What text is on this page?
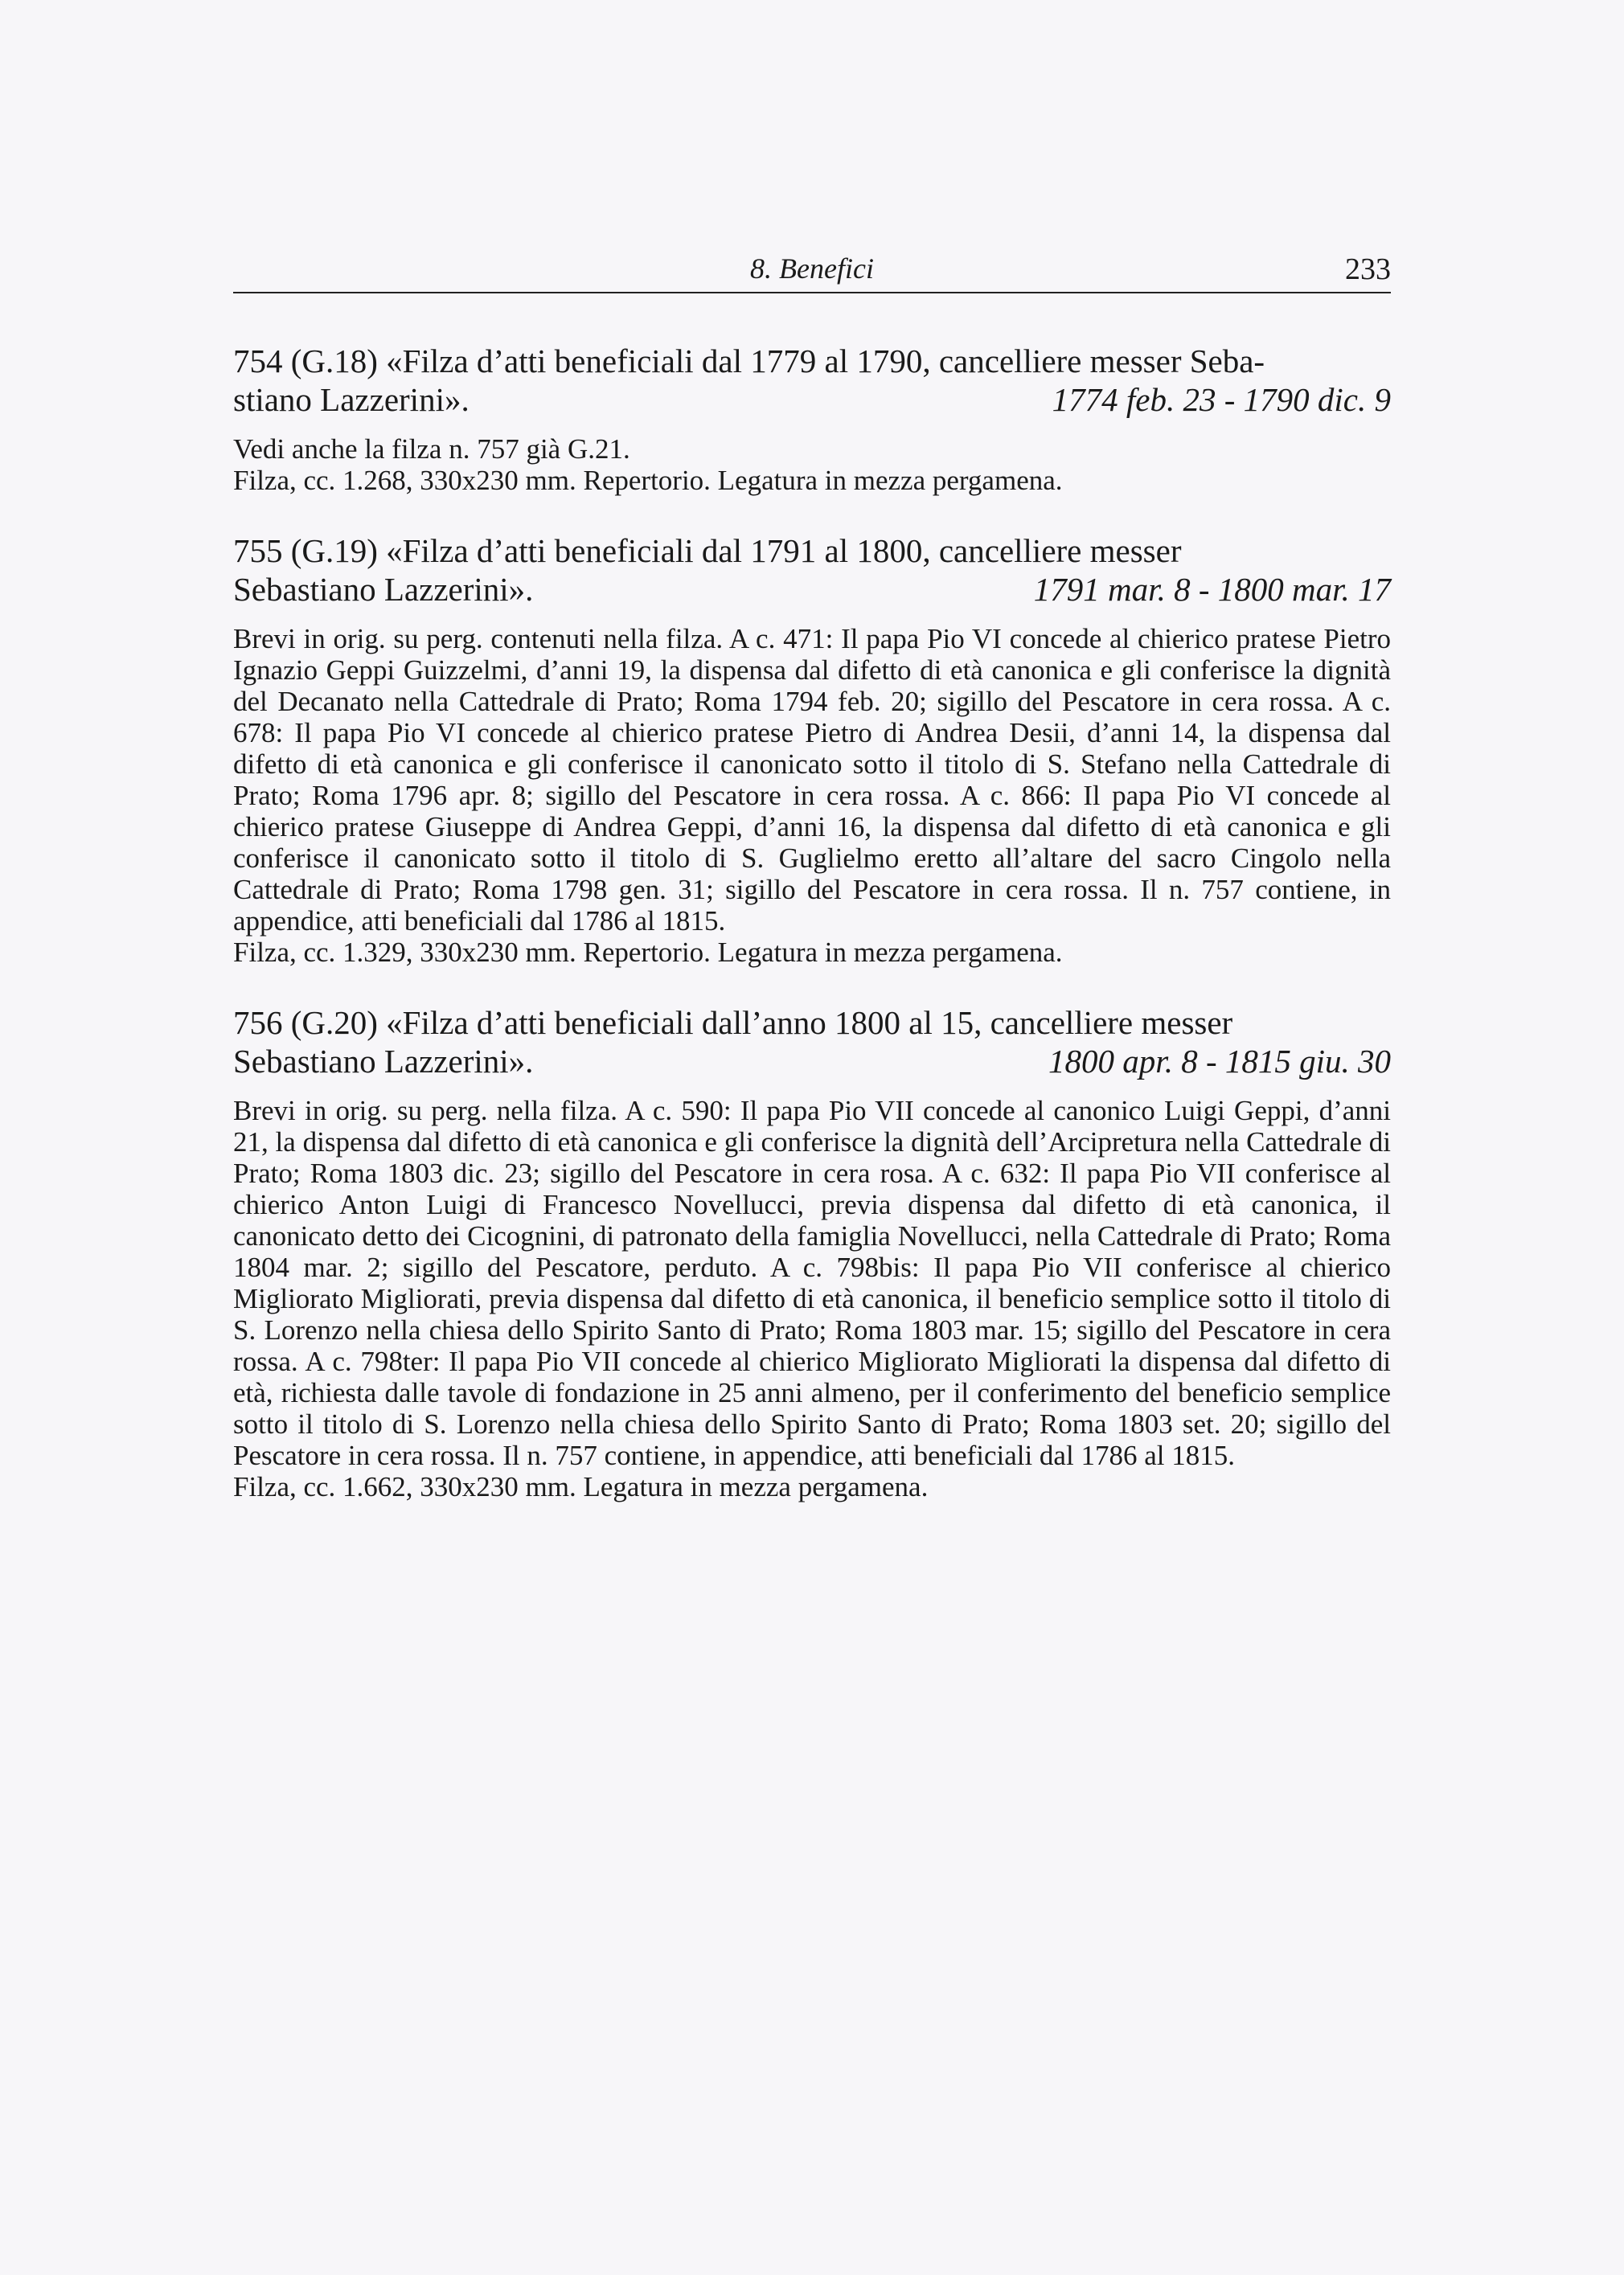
8. Benefici	233
754 (G.18) «Filza d’atti beneficiali dal 1779 al 1790, cancelliere messer Seba-
stiano Lazzerini».	1774 feb. 23 - 1790 dic. 9

Vedi anche la filza n. 757 già G.21.

Filza, cc. 1.268, 330x230 mm. Repertorio. Legatura in mezza pergamena.

755 (G.19) «Filza d’atti beneficiali dal 1791 al 1800, cancelliere messer
Sebastiano Lazzerini».	1791 mar. 8 - 1800 mar. 17

Brevi in orig. su perg. contenuti nella filza. A c. 471: Il papa Pio VI concede al chierico pratese Pietro Ignazio Geppi Guizzelmi, d’anni 19, la dispensa dal difetto di età canonica e gli conferisce la dignità del Decanato nella Cattedrale di Prato; Roma 1794 feb. 20; sigillo del Pescatore in cera rossa. A c. 678: Il papa Pio VI concede al chierico pratese Pietro di Andrea Desii, d’anni 14, la dispensa dal difetto di età canonica e gli conferisce il canonicato sotto il titolo di S. Stefano nella Cattedrale di Prato; Roma 1796 apr. 8; sigillo del Pescatore in cera rossa. A c. 866: Il papa Pio VI concede al chierico pratese Giuseppe di Andrea Geppi, d’anni 16, la dispensa dal difetto di età canonica e gli conferisce il canonicato sotto il titolo di S. Guglielmo eretto all’altare del sacro Cingolo nella Cattedrale di Prato; Roma 1798 gen. 31; sigillo del Pescatore in cera rossa. Il n. 757 contiene, in appendice, atti beneficiali dal 1786 al 1815.

Filza, cc. 1.329, 330x230 mm. Repertorio. Legatura in mezza pergamena.

756 (G.20) «Filza d’atti beneficiali dall’anno 1800 al 15, cancelliere messer
Sebastiano Lazzerini».	1800 apr. 8 - 1815 giu. 30

Brevi in orig. su perg. nella filza. A c. 590: Il papa Pio VII concede al canonico Luigi Geppi, d’anni 21, la dispensa dal difetto di età canonica e gli conferisce la dignità dell’Arcipretura nella Cattedrale di Prato; Roma 1803 dic. 23; sigillo del Pescatore in cera rosa. A c. 632: Il papa Pio VII conferisce al chierico Anton Luigi di Francesco Novellucci, previa dispensa dal difetto di età canonica, il canonicato detto dei Cicognini, di patronato della famiglia Novellucci, nella Cattedrale di Prato; Roma 1804 mar. 2; sigillo del Pescatore, perduto. A c. 798bis: Il papa Pio VII conferisce al chierico Migliorato Migliorati, previa dispensa dal difetto di età canonica, il beneficio semplice sotto il titolo di S. Lorenzo nella chiesa dello Spirito Santo di Prato; Roma 1803 mar. 15; sigillo del Pescatore in cera rossa. A c. 798ter: Il papa Pio VII concede al chierico Migliorato Migliorati la dispensa dal difetto di età, richiesta dalle tavole di fondazione in 25 anni almeno, per il conferimento del beneficio semplice sotto il titolo di S. Lorenzo nella chiesa dello Spirito Santo di Prato; Roma 1803 set. 20; sigillo del Pescatore in cera rossa. Il n. 757 contiene, in appendice, atti beneficiali dal 1786 al 1815.

Filza, cc. 1.662, 330x230 mm. Legatura in mezza pergamena.
